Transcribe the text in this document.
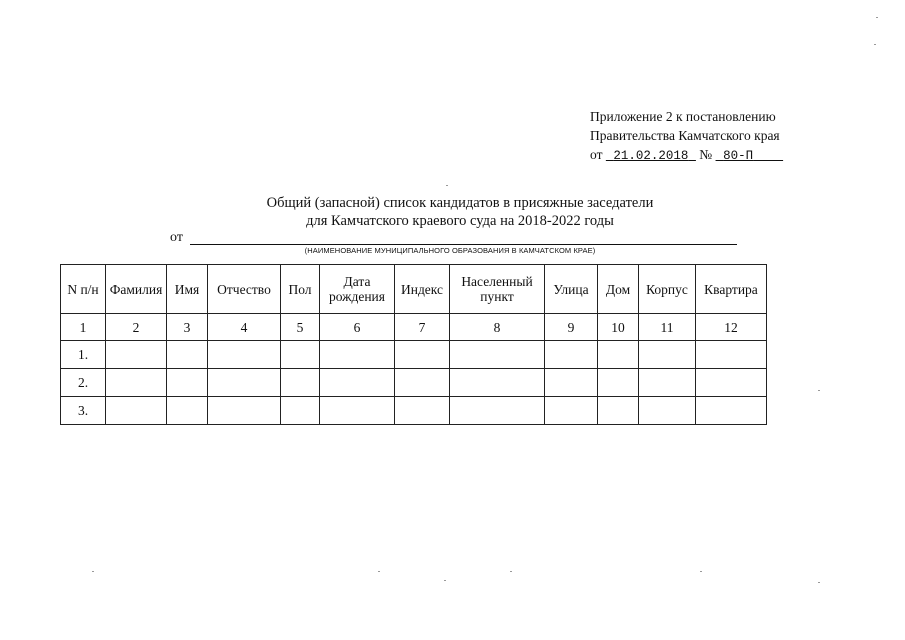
Приложение 2 к постановлению
Правительства Камчатского края
от 21.02.2018 № 80-П
Общий (запасной) список кандидатов в присяжные заседатели
для Камчатского краевого суда на 2018-2022 годы
от
(НАИМЕНОВАНИЕ МУНИЦИПАЛЬНОГО ОБРАЗОВАНИЯ В КАМЧАТСКОМ КРАЕ)
N п/н	Фамилия	Имя	Отчество	Пол	Дата рождения	Индекс	Населенный пункт	Улица	Дом	Корпус	Квартира
1	2	3	4	5	6	7	8	9	10	11	12
1.											
2.											
3.											
